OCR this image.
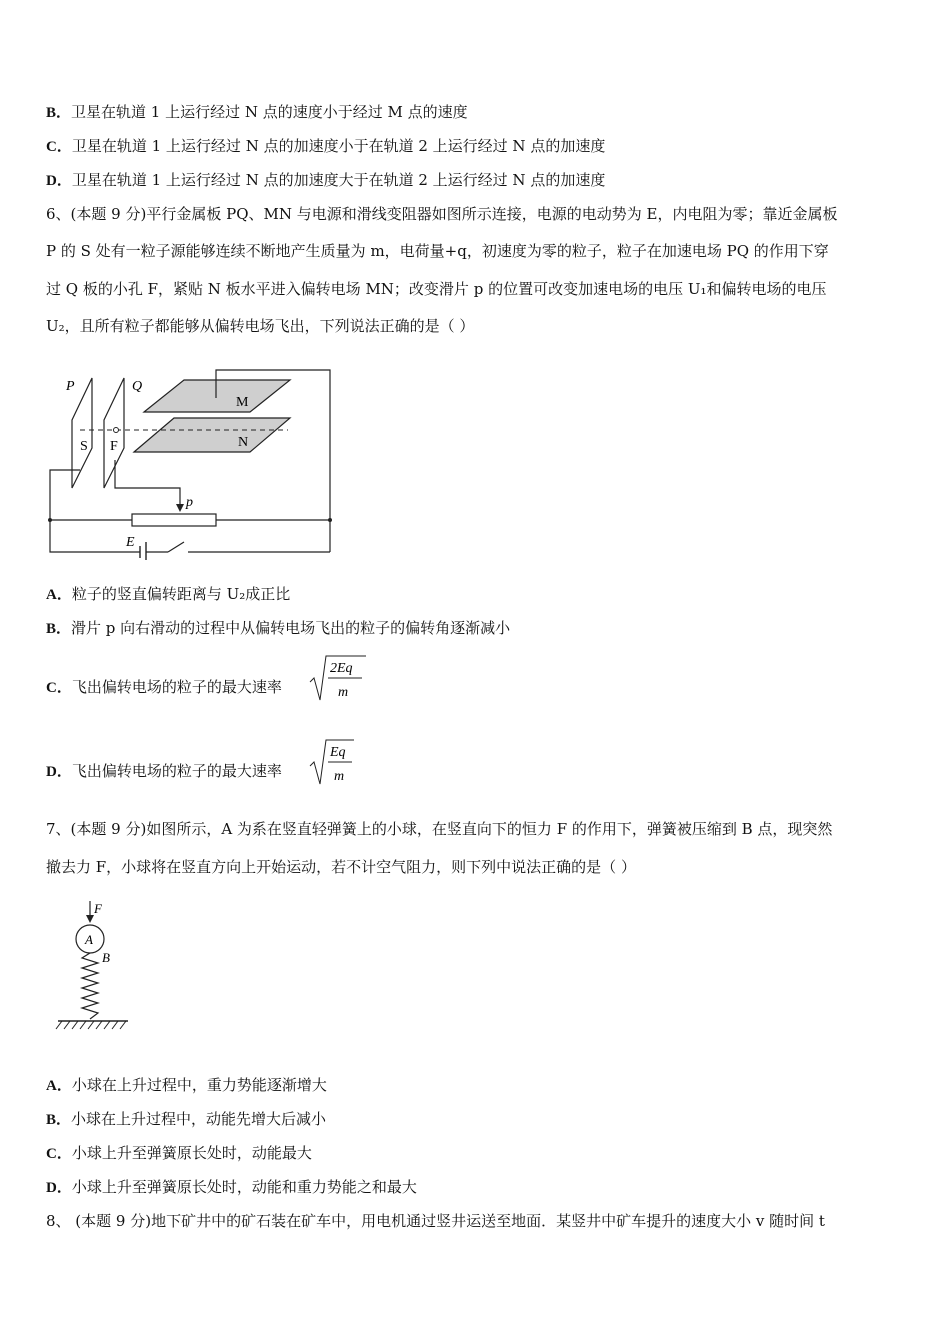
B．卫星在轨道 1 上运行经过 N 点的速度小于经过 M 点的速度
C．卫星在轨道 1 上运行经过 N 点的加速度小于在轨道 2 上运行经过 N 点的加速度
D．卫星在轨道 1 上运行经过 N 点的加速度大于在轨道 2 上运行经过 N 点的加速度
6、(本题 9 分)平行金属板 PQ、MN 与电源和滑线变阻器如图所示连接，电源的电动势为 E，内电阻为零；靠近金属板
P 的 S 处有一粒子源能够连续不断地产生质量为 m，电荷量+q，初速度为零的粒子，粒子在加速电场 PQ 的作用下穿
过 Q 板的小孔 F，紧贴 N 板水平进入偏转电场 MN；改变滑片 p 的位置可改变加速电场的电压 U₁和偏转电场的电压
U₂，且所有粒子都能够从偏转电场飞出，下列说法正确的是（ ）
P	Q
M
N
S F
p
E
A．粒子的竖直偏转距离与 U₂成正比
B．滑片 p 向右滑动的过程中从偏转电场飞出的粒子的偏转角逐渐减小
C．飞出偏转电场的粒子的最大速率
2Eq
m
D．飞出偏转电场的粒子的最大速率
Eq
m
7、(本题 9 分)如图所示，A 为系在竖直轻弹簧上的小球，在竖直向下的恒力 F 的作用下，弹簧被压缩到 B 点，现突然
撤去力 F，小球将在竖直方向上开始运动，若不计空气阻力，则下列中说法正确的是（ ）
F
A
B
A．小球在上升过程中，重力势能逐渐增大
B．小球在上升过程中，动能先增大后减小
C．小球上升至弹簧原长处时，动能最大
D．小球上升至弹簧原长处时，动能和重力势能之和最大
8、 (本题 9 分)地下矿井中的矿石装在矿车中，用电机通过竖井运送至地面．某竖井中矿车提升的速度大小 v 随时间 t
